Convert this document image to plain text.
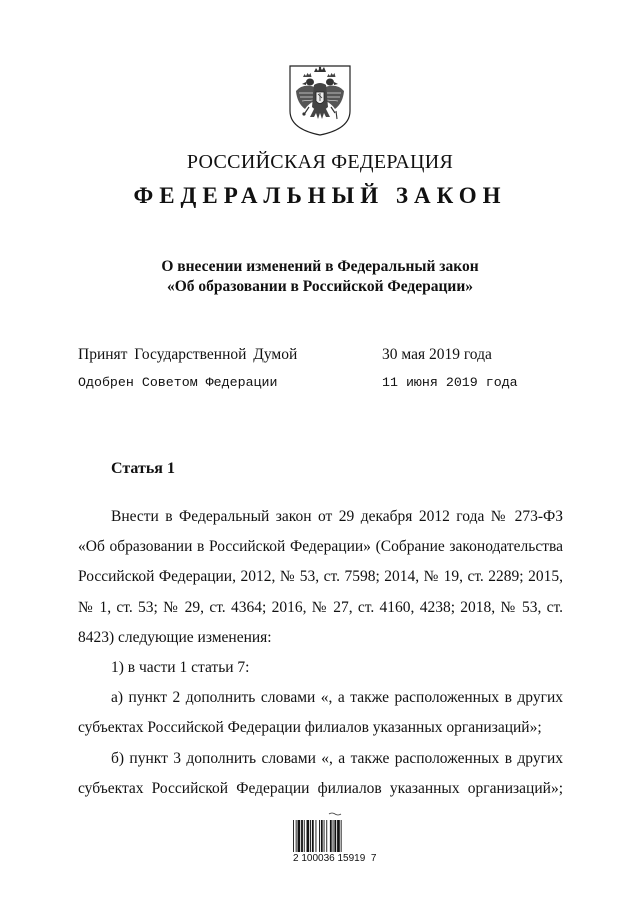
РОССИЙСКАЯ ФЕДЕРАЦИЯ
ФЕДЕРАЛЬНЫЙ ЗАКОН
О внесении изменений в Федеральный закон
«Об образовании в Российской Федерации»
Принят Государственной Думой	30 мая 2019 года
Одобрен Советом Федерации	11 июня 2019 года
Статья 1

Внести в Федеральный закон от 29 декабря 2012 года № 273-ФЗ «Об образовании в Российской Федерации» (Собрание законодательства Российской Федерации, 2012, № 53, ст. 7598; 2014, № 19, ст. 2289; 2015, № 1, ст. 53; № 29, ст. 4364; 2016, № 27, ст. 4160, 4238; 2018, № 53, ст. 8423) следующие изменения:

1) в части 1 статьи 7:

а) пункт 2 дополнить словами «, а также расположенных в других субъектах Российской Федерации филиалов указанных организаций»;

б) пункт 3 дополнить словами «, а также расположенных в других субъектах Российской Федерации филиалов указанных организаций»;

2 100036 15919  7
